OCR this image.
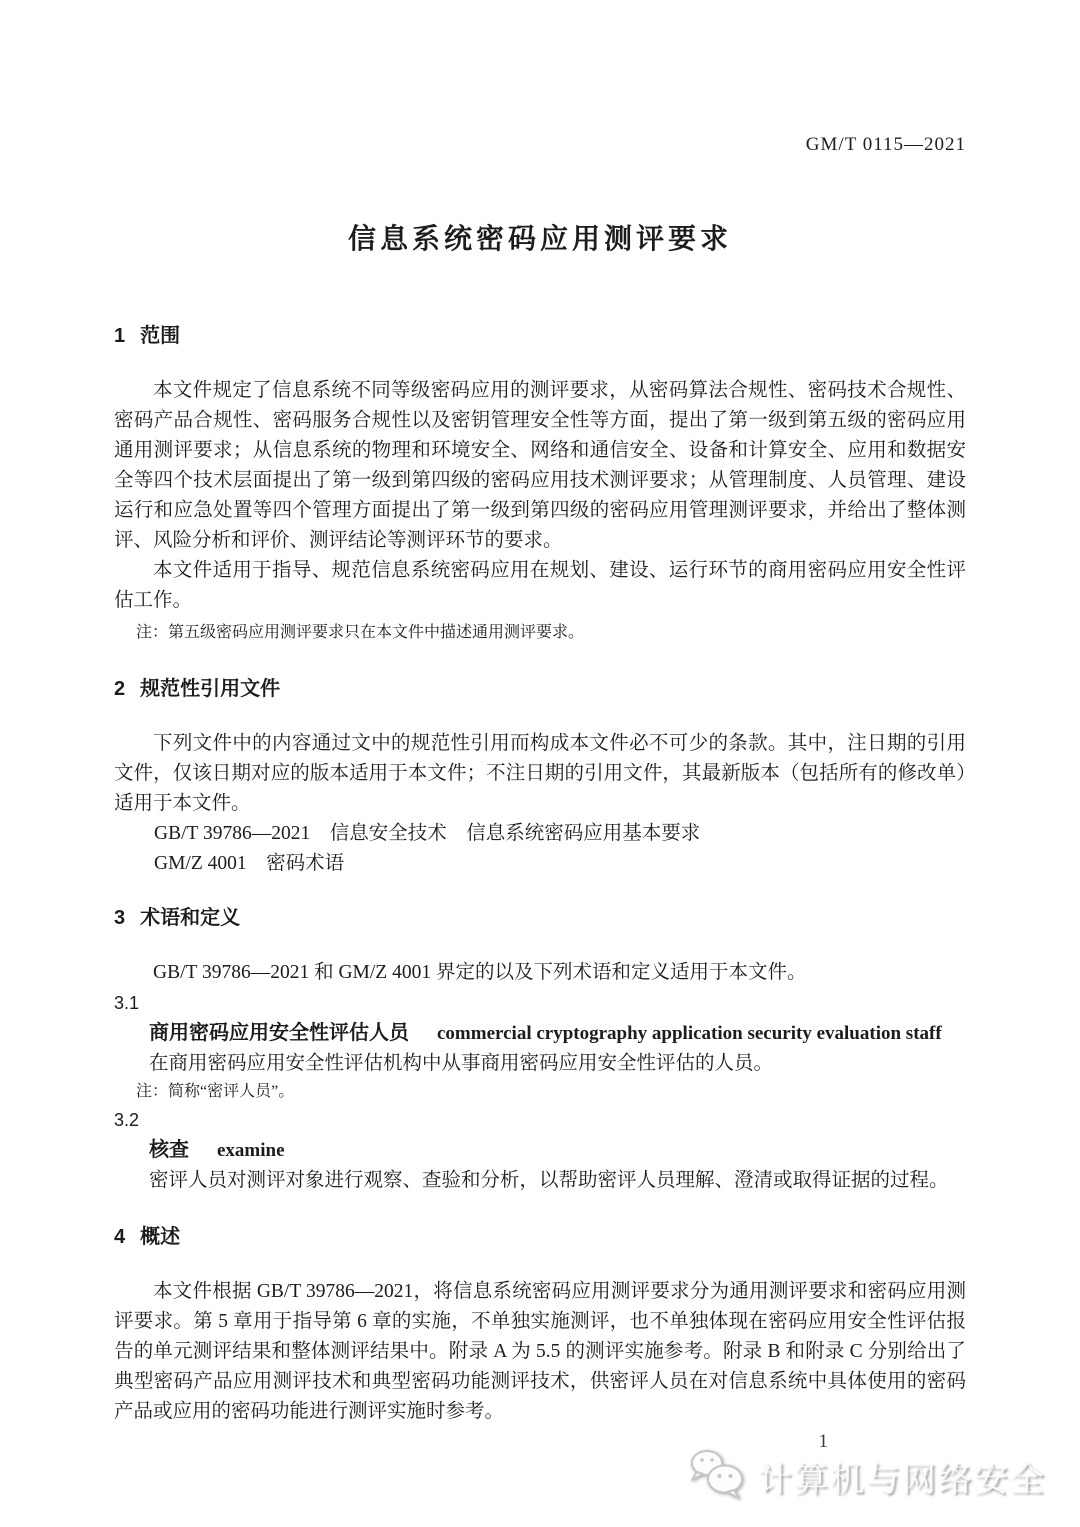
GM/T 0115—2021
信息系统密码应用测评要求
1 范围

本文件规定了信息系统不同等级密码应用的测评要求，从密码算法合规性、密码技术合规性、密码产品合规性、密码服务合规性以及密钥管理安全性等方面，提出了第一级到第五级的密码应用通用测评要求；从信息系统的物理和环境安全、网络和通信安全、设备和计算安全、应用和数据安全等四个技术层面提出了第一级到第四级的密码应用技术测评要求；从管理制度、人员管理、建设运行和应急处置等四个管理方面提出了第一级到第四级的密码应用管理测评要求，并给出了整体测评、风险分析和评价、测评结论等测评环节的要求。

本文件适用于指导、规范信息系统密码应用在规划、建设、运行环节的商用密码应用安全性评估工作。

注：第五级密码应用测评要求只在本文件中描述通用测评要求。
2 规范性引用文件

下列文件中的内容通过文中的规范性引用而构成本文件必不可少的条款。其中，注日期的引用文件，仅该日期对应的版本适用于本文件；不注日期的引用文件，其最新版本（包括所有的修改单）适用于本文件。

GB/T 39786—2021　信息安全技术　信息系统密码应用基本要求
GM/Z 4001　密码术语
3 术语和定义

GB/T 39786—2021 和 GM/Z 4001 界定的以及下列术语和定义适用于本文件。

3.1
商用密码应用安全性评估人员 commercial cryptography application security evaluation staff
在商用密码应用安全性评估机构中从事商用密码应用安全性评估的人员。
注：简称“密评人员”。
3.2
核查 examine
密评人员对测评对象进行观察、查验和分析，以帮助密评人员理解、澄清或取得证据的过程。
4 概述

本文件根据 GB/T 39786—2021，将信息系统密码应用测评要求分为通用测评要求和密码应用测评要求。第 5 章用于指导第 6 章的实施，不单独实施测评，也不单独体现在密码应用安全性评估报告的单元测评结果和整体测评结果中。附录 A 为 5.5 的测评实施参考。附录 B 和附录 C 分别给出了典型密码产品应用测评技术和典型密码功能测评技术，供密评人员在对信息系统中具体使用的密码产品或应用的密码功能进行测评实施时参考。

1
计算机与网络安全
